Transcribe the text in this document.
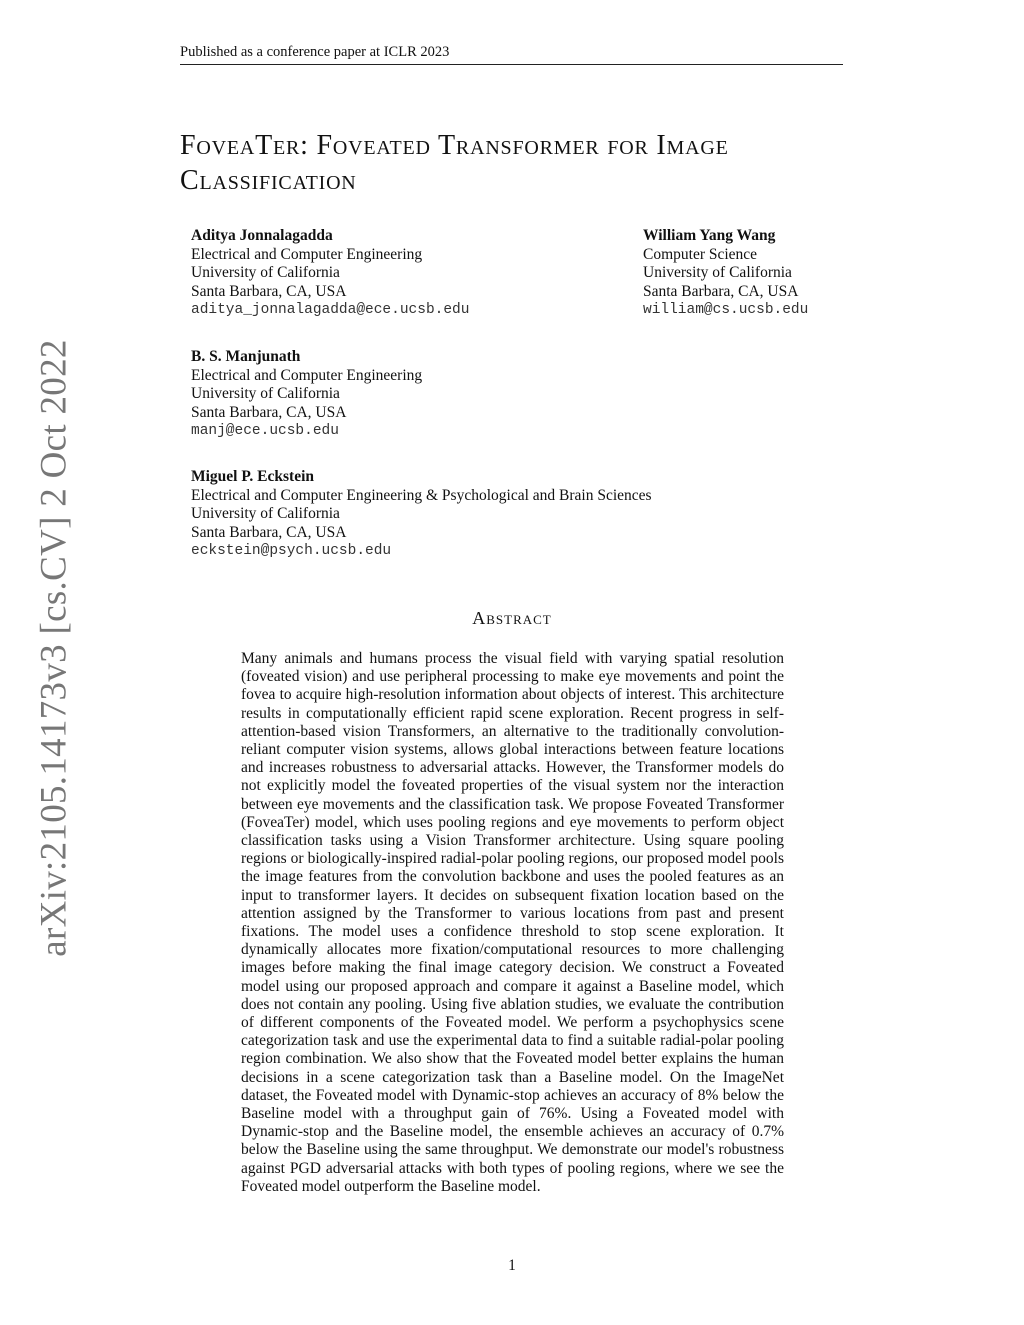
Published as a conference paper at ICLR 2023
FoveaTer: Foveated Transformer for Image
Classification
arXiv:2105.14173v3 [cs.CV] 2 Oct 2022
Aditya Jonnalagadda
Electrical and Computer Engineering
University of California
Santa Barbara, CA, USA
aditya_jonnalagadda@ece.ucsb.edu
William Yang Wang
Computer Science
University of California
Santa Barbara, CA, USA
william@cs.ucsb.edu
B. S. Manjunath
Electrical and Computer Engineering
University of California
Santa Barbara, CA, USA
manj@ece.ucsb.edu
Miguel P. Eckstein
Electrical and Computer Engineering & Psychological and Brain Sciences
University of California
Santa Barbara, CA, USA
eckstein@psych.ucsb.edu
Abstract

Many animals and humans process the visual field with varying spatial resolution (foveated vision) and use peripheral processing to make eye movements and point the fovea to acquire high-resolution information about objects of interest. This architecture results in computationally efficient rapid scene exploration. Recent progress in self-attention-based vision Transformers, an alternative to the traditionally convolution-reliant computer vision systems, allows global interactions between feature locations and increases robustness to adversarial attacks. However, the Transformer models do not explicitly model the foveated properties of the visual system nor the interaction between eye movements and the classification task. We propose Foveated Transformer (FoveaTer) model, which uses pooling regions and eye movements to perform object classification tasks using a Vision Transformer architecture. Using square pooling regions or biologically-inspired radial-polar pooling regions, our proposed model pools the image features from the convolution backbone and uses the pooled features as an input to transformer layers. It decides on subsequent fixation location based on the attention assigned by the Transformer to various locations from past and present fixations. The model uses a confidence threshold to stop scene exploration. It dynamically allocates more fixation/computational resources to more challenging images before making the final image category decision. We construct a Foveated model using our proposed approach and compare it against a Baseline model, which does not contain any pooling. Using five ablation studies, we evaluate the contribution of different components of the Foveated model. We perform a psychophysics scene categorization task and use the experimental data to find a suitable radial-polar pooling region combination. We also show that the Foveated model better explains the human decisions in a scene categorization task than a Baseline model. On the ImageNet dataset, the Foveated model with Dynamic-stop achieves an accuracy of 8% below the Baseline model with a throughput gain of 76%. Using a Foveated model with Dynamic-stop and the Baseline model, the ensemble achieves an accuracy of 0.7% below the Baseline using the same throughput. We demonstrate our model's robustness against PGD adversarial attacks with both types of pooling regions, where we see the Foveated model outperform the Baseline model.

1
